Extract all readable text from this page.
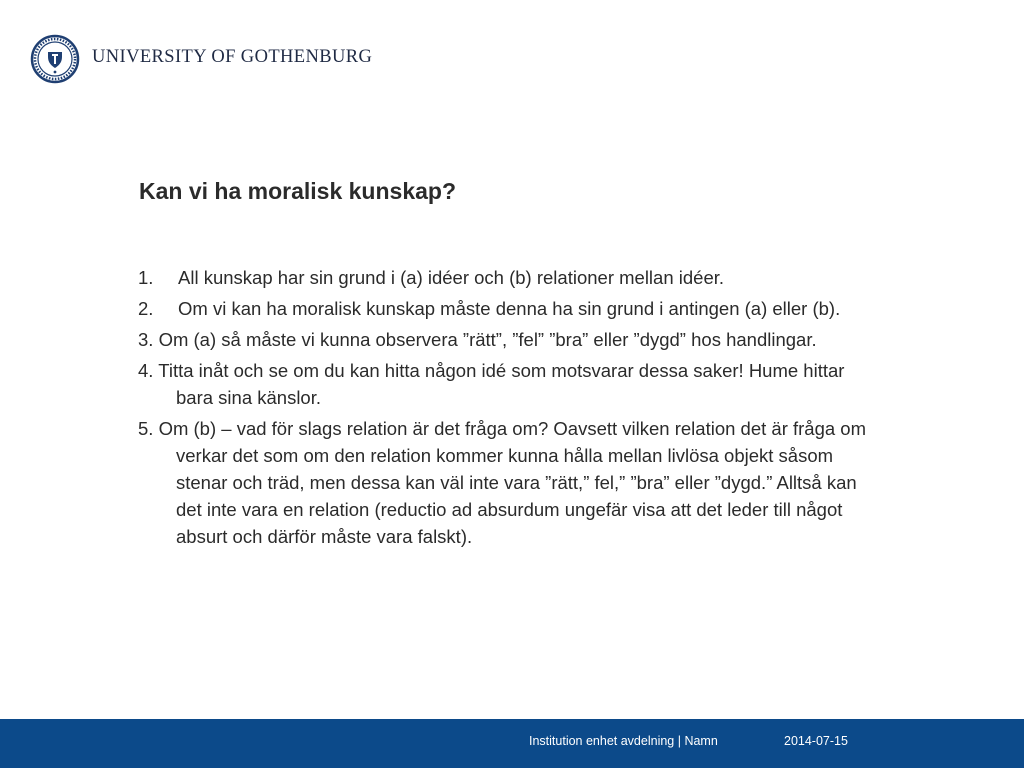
UNIVERSITY OF GOTHENBURG
Kan vi ha moralisk kunskap?
1. All kunskap har sin grund i (a) idéer och (b) relationer mellan idéer.
2. Om vi kan ha moralisk kunskap måste denna ha sin grund i antingen (a) eller (b).
3. Om (a) så måste vi kunna observera ”rätt”, ”fel” ”bra” eller ”dygd” hos handlingar.
4. Titta inåt och se om du kan hitta någon idé som motsvarar dessa saker! Hume hittar bara sina känslor.
5. Om (b) – vad för slags relation är det fråga om? Oavsett vilken relation det är fråga om verkar det som om den relation kommer kunna hålla mellan livlösa objekt såsom stenar och träd, men dessa kan väl inte vara ”rätt,” fel,” ”bra” eller ”dygd.” Alltså kan det inte vara en relation (reductio ad absurdum ungefär visa att det leder till något absurt och därför måste vara falskt).
Institution enhet avdelning | Namn	2014-07-15
